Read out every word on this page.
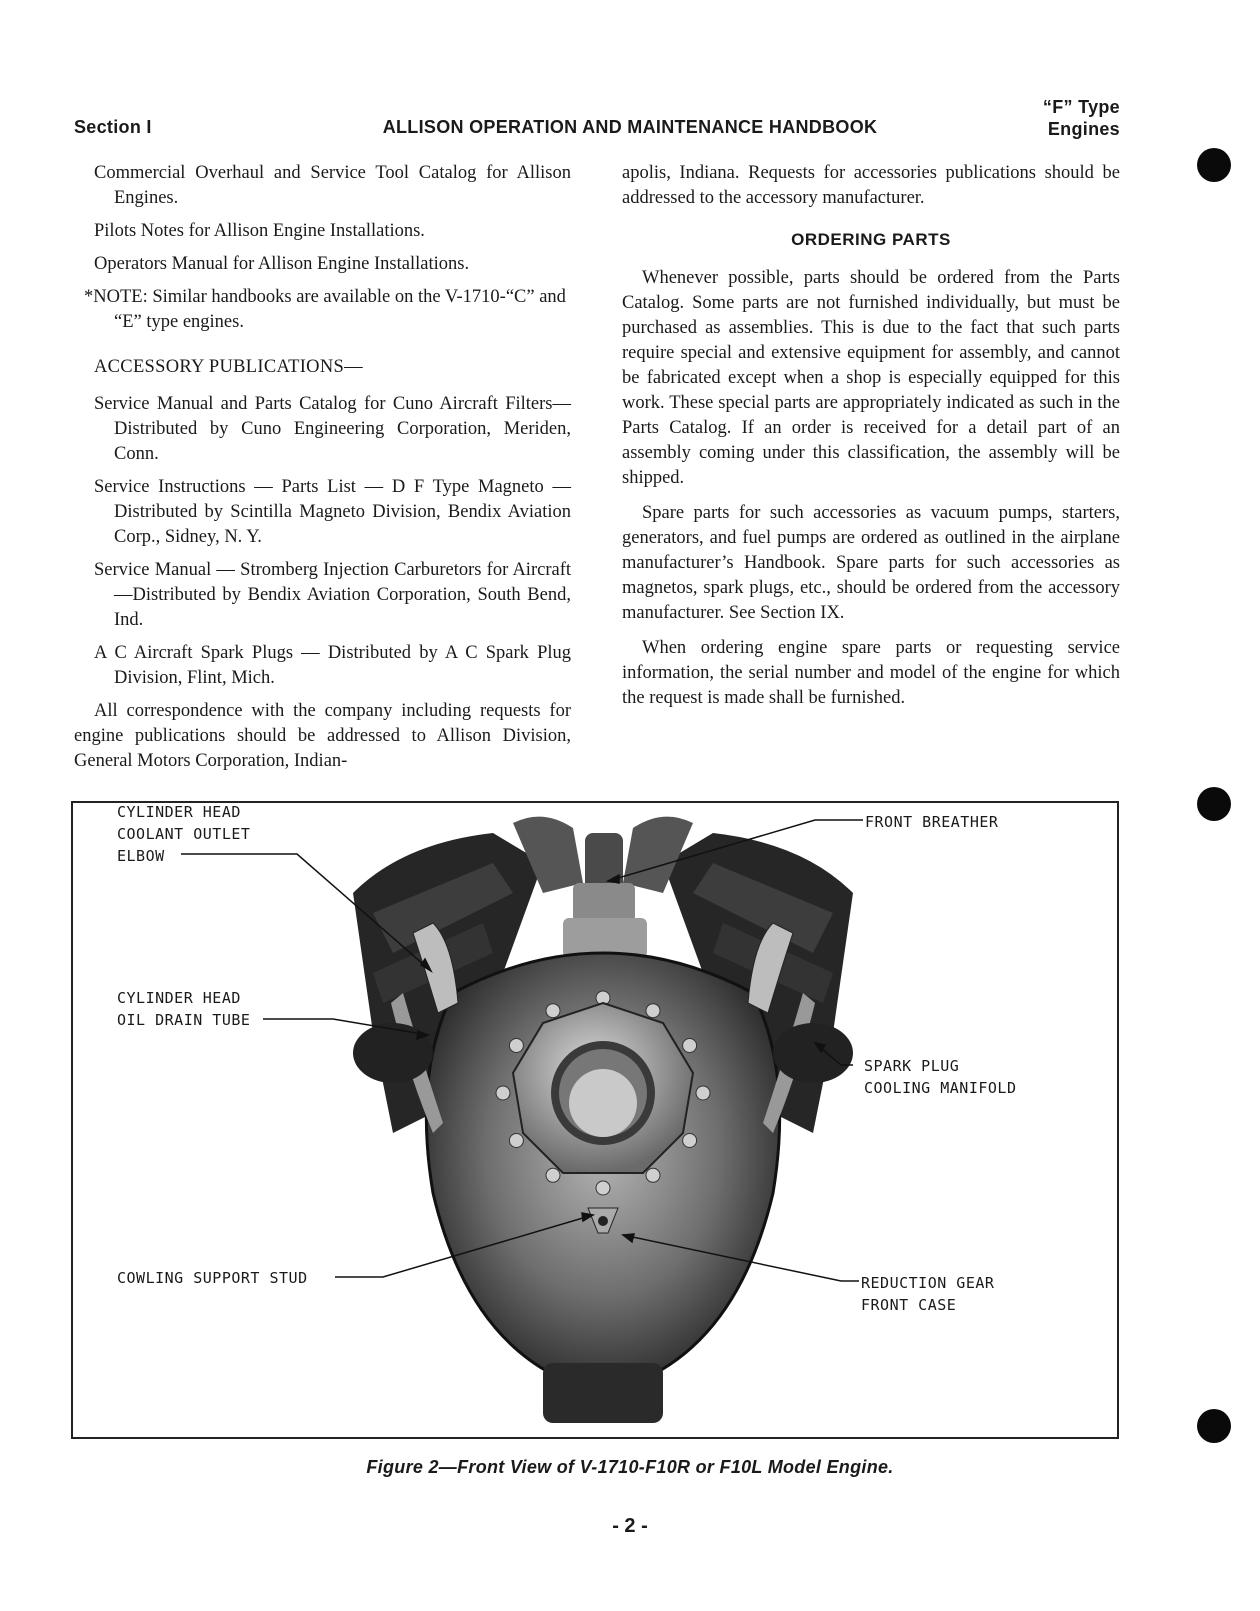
Section I	ALLISON OPERATION AND MAINTENANCE HANDBOOK
“F” Type
Engines

Commercial Overhaul and Service Tool Catalog for Allison Engines.

Pilots Notes for Allison Engine Installations.

Operators Manual for Allison Engine Installations.

*NOTE: Similar handbooks are available on the V-1710-“C” and “E” type engines.

ACCESSORY PUBLICATIONS—

Service Manual and Parts Catalog for Cuno Aircraft Filters—Distributed by Cuno Engineering Corporation, Meriden, Conn.

Service Instructions — Parts List — D F Type Magneto — Distributed by Scintilla Magneto Division, Bendix Aviation Corp., Sidney, N. Y.

Service Manual — Stromberg Injection Carburetors for Aircraft—Distributed by Bendix Aviation Corporation, South Bend, Ind.

A C Aircraft Spark Plugs — Distributed by A C Spark Plug Division, Flint, Mich.

All correspondence with the company including requests for engine publications should be addressed to Allison Division, General Motors Corporation, Indian-

apolis, Indiana. Requests for accessories publications should be addressed to the accessory manufacturer.

ORDERING PARTS

Whenever possible, parts should be ordered from the Parts Catalog. Some parts are not furnished individually, but must be purchased as assemblies. This is due to the fact that such parts require special and extensive equipment for assembly, and cannot be fabricated except when a shop is especially equipped for this work. These special parts are appropriately indicated as such in the Parts Catalog. If an order is received for a detail part of an assembly coming under this classification, the assembly will be shipped.

Spare parts for such accessories as vacuum pumps, starters, generators, and fuel pumps are ordered as outlined in the airplane manufacturer’s Handbook. Spare parts for such accessories as magnetos, spark plugs, etc., should be ordered from the accessory manufacturer. See Section IX.

When ordering engine spare parts or requesting service information, the serial number and model of the engine for which the request is made shall be furnished.

CYLINDER HEAD
COOLANT OUTLET
ELBOW
FRONT BREATHER
CYLINDER HEAD
OIL DRAIN TUBE
SPARK PLUG
COOLING MANIFOLD
COWLING SUPPORT STUD	REDUCTION GEAR
FRONT CASE
Figure 2—Front View of V-1710-F10R or F10L Model Engine.
- 2 -
